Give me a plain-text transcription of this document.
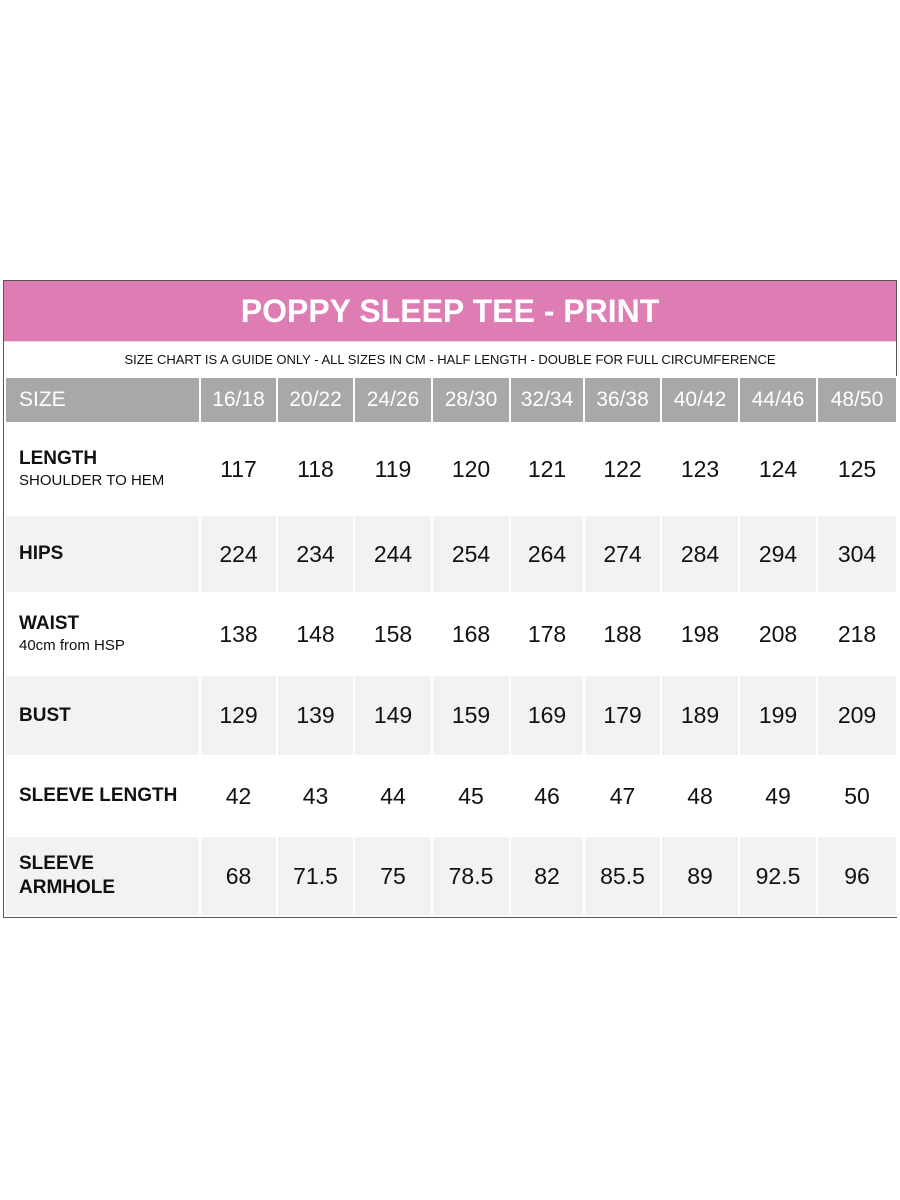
POPPY SLEEP TEE - PRINT
SIZE CHART IS A GUIDE ONLY - ALL SIZES IN CM - HALF LENGTH - DOUBLE FOR FULL CIRCUMFERENCE
SIZE	16/18	20/22	24/26	28/30	32/34	36/38	40/42	44/46	48/50
LENGTH
SHOULDER TO HEM	117	118	119	120	121	122	123	124	125
HIPS	224	234	244	254	264	274	284	294	304
WAIST
40cm from HSP	138	148	158	168	178	188	198	208	218
BUST	129	139	149	159	169	179	189	199	209
SLEEVE LENGTH	42	43	44	45	46	47	48	49	50
SLEEVE ARMHOLE	68	71.5	75	78.5	82	85.5	89	92.5	96
